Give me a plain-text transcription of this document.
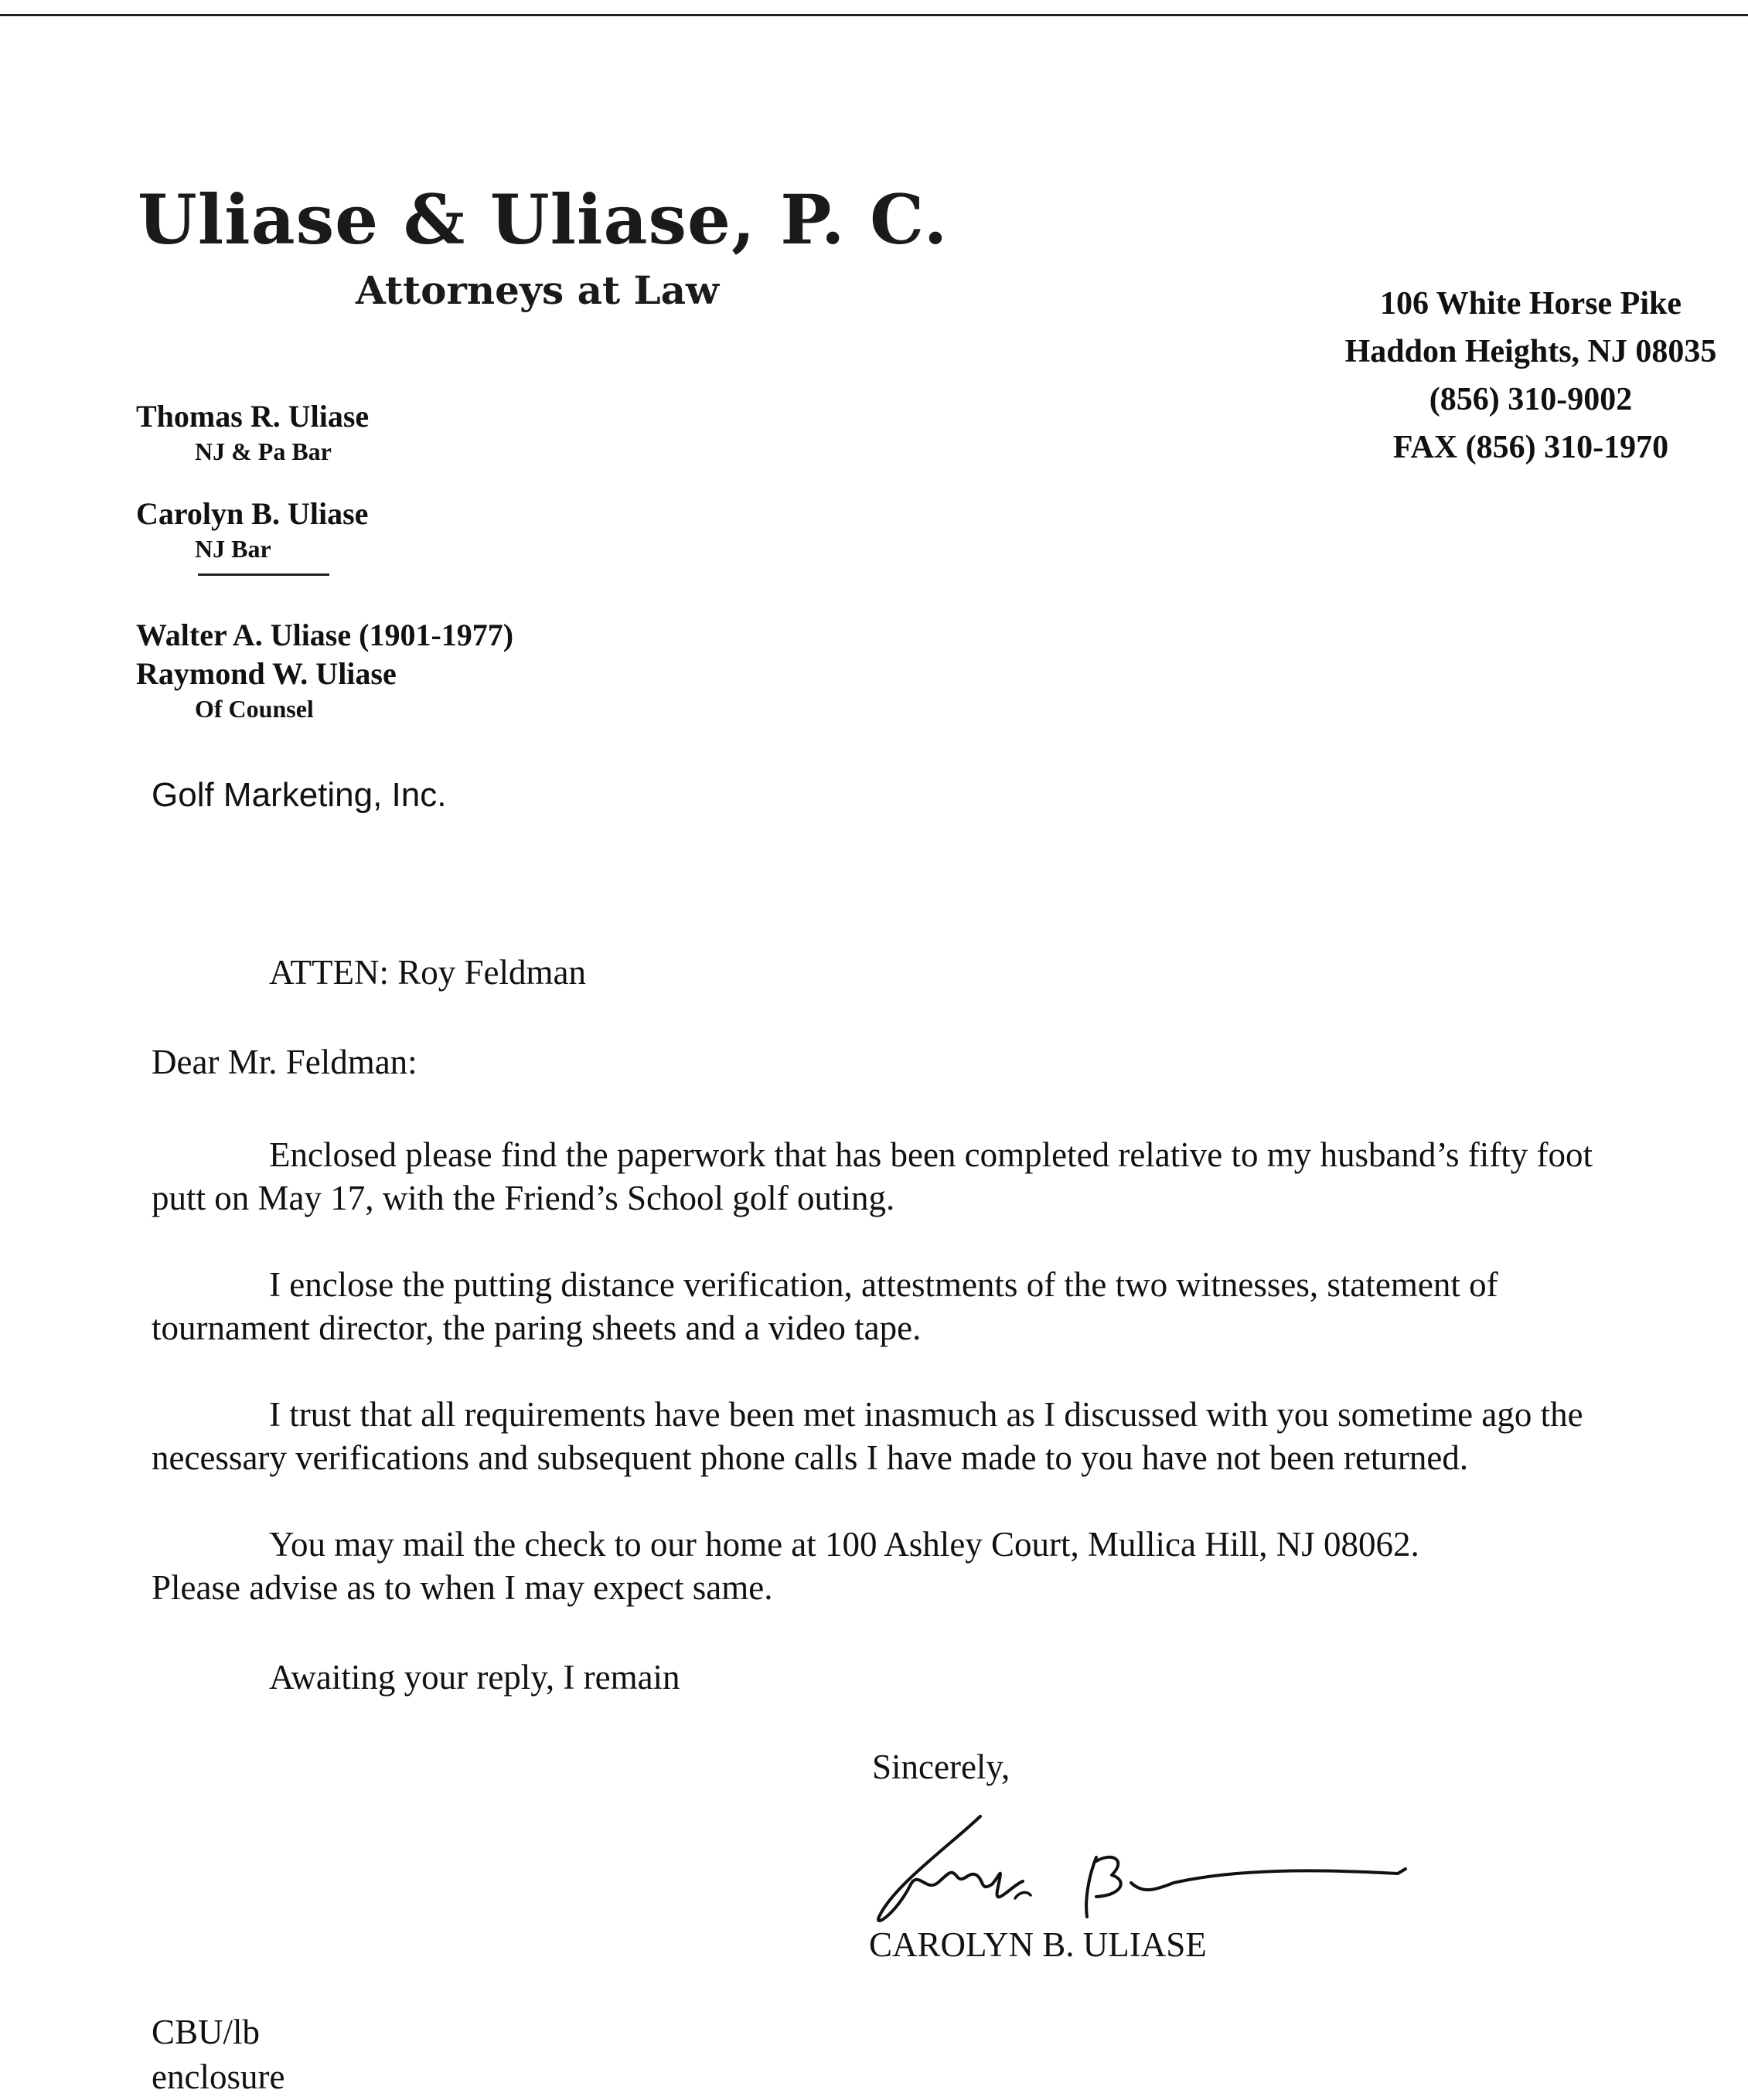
Uliase & Uliase, P. C.
Attorneys at Law	106 White Horse Pike
Haddon Heights, NJ 08035
(856) 310-9002
FAX (856) 310-1970
Thomas R. Uliase
NJ & Pa Bar
Carolyn B. Uliase
NJ Bar
Walter A. Uliase (1901-1977)
Raymond W. Uliase
Of Counsel
Golf Marketing, Inc.
ATTEN: Roy Feldman
Dear Mr. Feldman:
Enclosed please find the paperwork that has been completed relative to my husband’s fifty foot
putt on May 17, with the Friend’s School golf outing.
I enclose the putting distance verification, attestments of the two witnesses, statement of
tournament director, the paring sheets and a video tape.
I trust that all requirements have been met inasmuch as I discussed with you sometime ago the
necessary verifications and subsequent phone calls I have made to you have not been returned.
You may mail the check to our home at 100 Ashley Court, Mullica Hill, NJ 08062.
Please advise as to when I may expect same.
Awaiting your reply, I remain
Sincerely,
CAROLYN B. ULIASE
CBU/lb
enclosure
